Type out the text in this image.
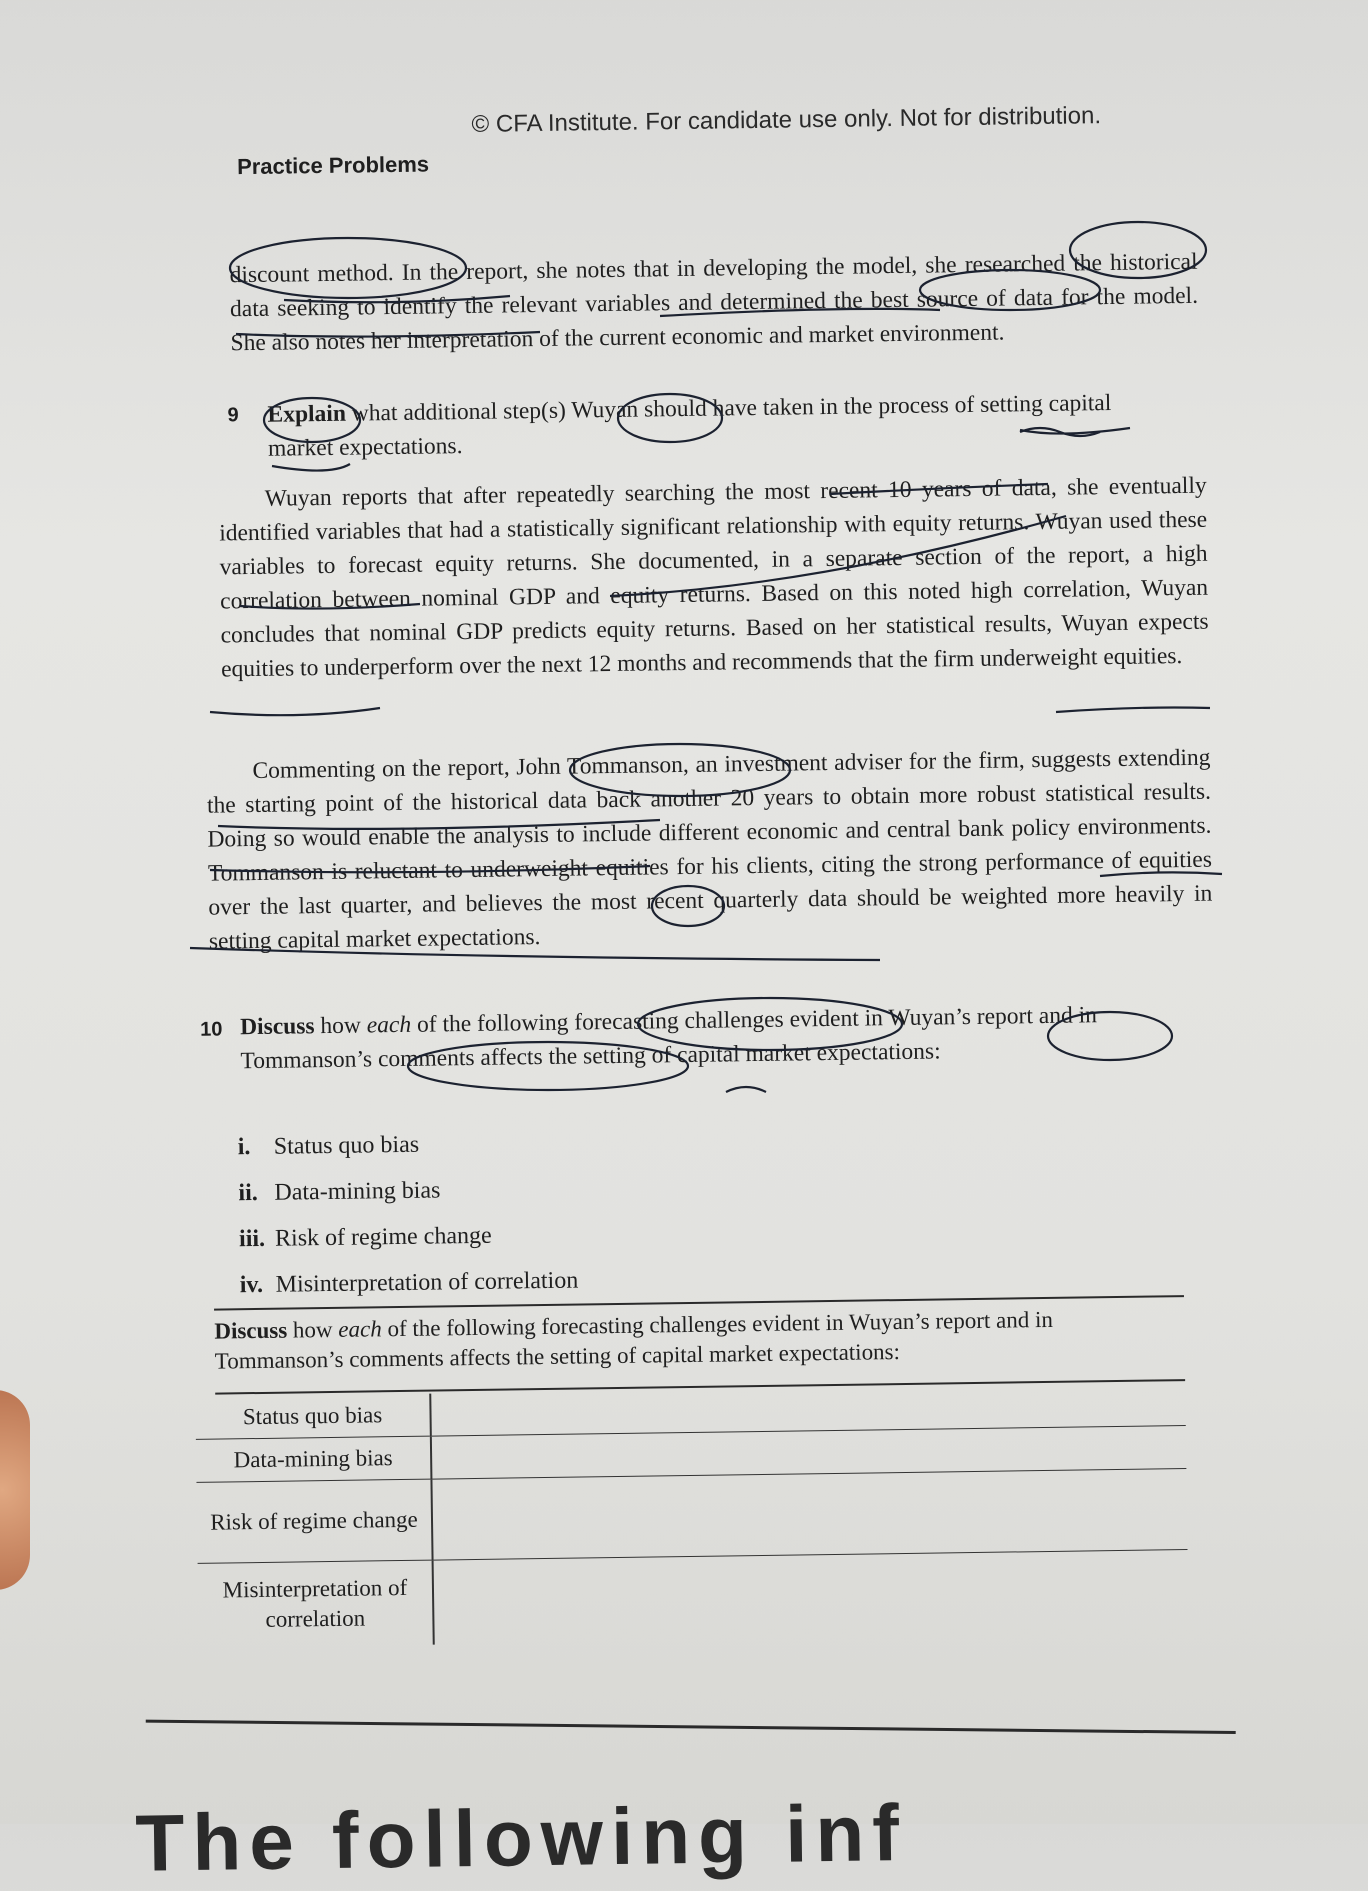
© CFA Institute. For candidate use only. Not for distribution.
Practice Problems

discount method. In the report, she notes that in developing the model, she researched the historical data seeking to identify the relevant variables and determined the best source of data for the model. She also notes her interpretation of the current economic and market environment.

9 Explain what additional step(s) Wuyan should have taken in the process of setting capital market expectations.

Wuyan reports that after repeatedly searching the most recent 10 years of data, she eventually identified variables that had a statistically significant relationship with equity returns. Wuyan used these variables to forecast equity returns. She documented, in a separate section of the report, a high correlation between nominal GDP and equity returns. Based on this noted high correlation, Wuyan concludes that nominal GDP predicts equity returns. Based on her statistical results, Wuyan expects equities to underperform over the next 12 months and recommends that the firm underweight equities.

Commenting on the report, John Tommanson, an investment adviser for the firm, suggests extending the starting point of the historical data back another 20 years to obtain more robust statistical results. Doing so would enable the analysis to include different economic and central bank policy environments. Tommanson is reluctant to underweight equities for his clients, citing the strong performance of equities over the last quarter, and believes the most recent quarterly data should be weighted more heavily in setting capital market expectations.

10 Discuss how each of the following forecasting challenges evident in Wuyan’s report and in Tommanson’s comments affects the setting of capital market expectations:
i. Status quo bias
ii. Data-mining bias
iii. Risk of regime change
iv. Misinterpretation of correlation
Discuss how each of the following forecasting challenges evident in Wuyan’s report and in Tommanson’s comments affects the setting of capital market expectations:
Status quo bias	
Data-mining bias	
Risk of regime change	
Misinterpretation of correlation	
The following inf
